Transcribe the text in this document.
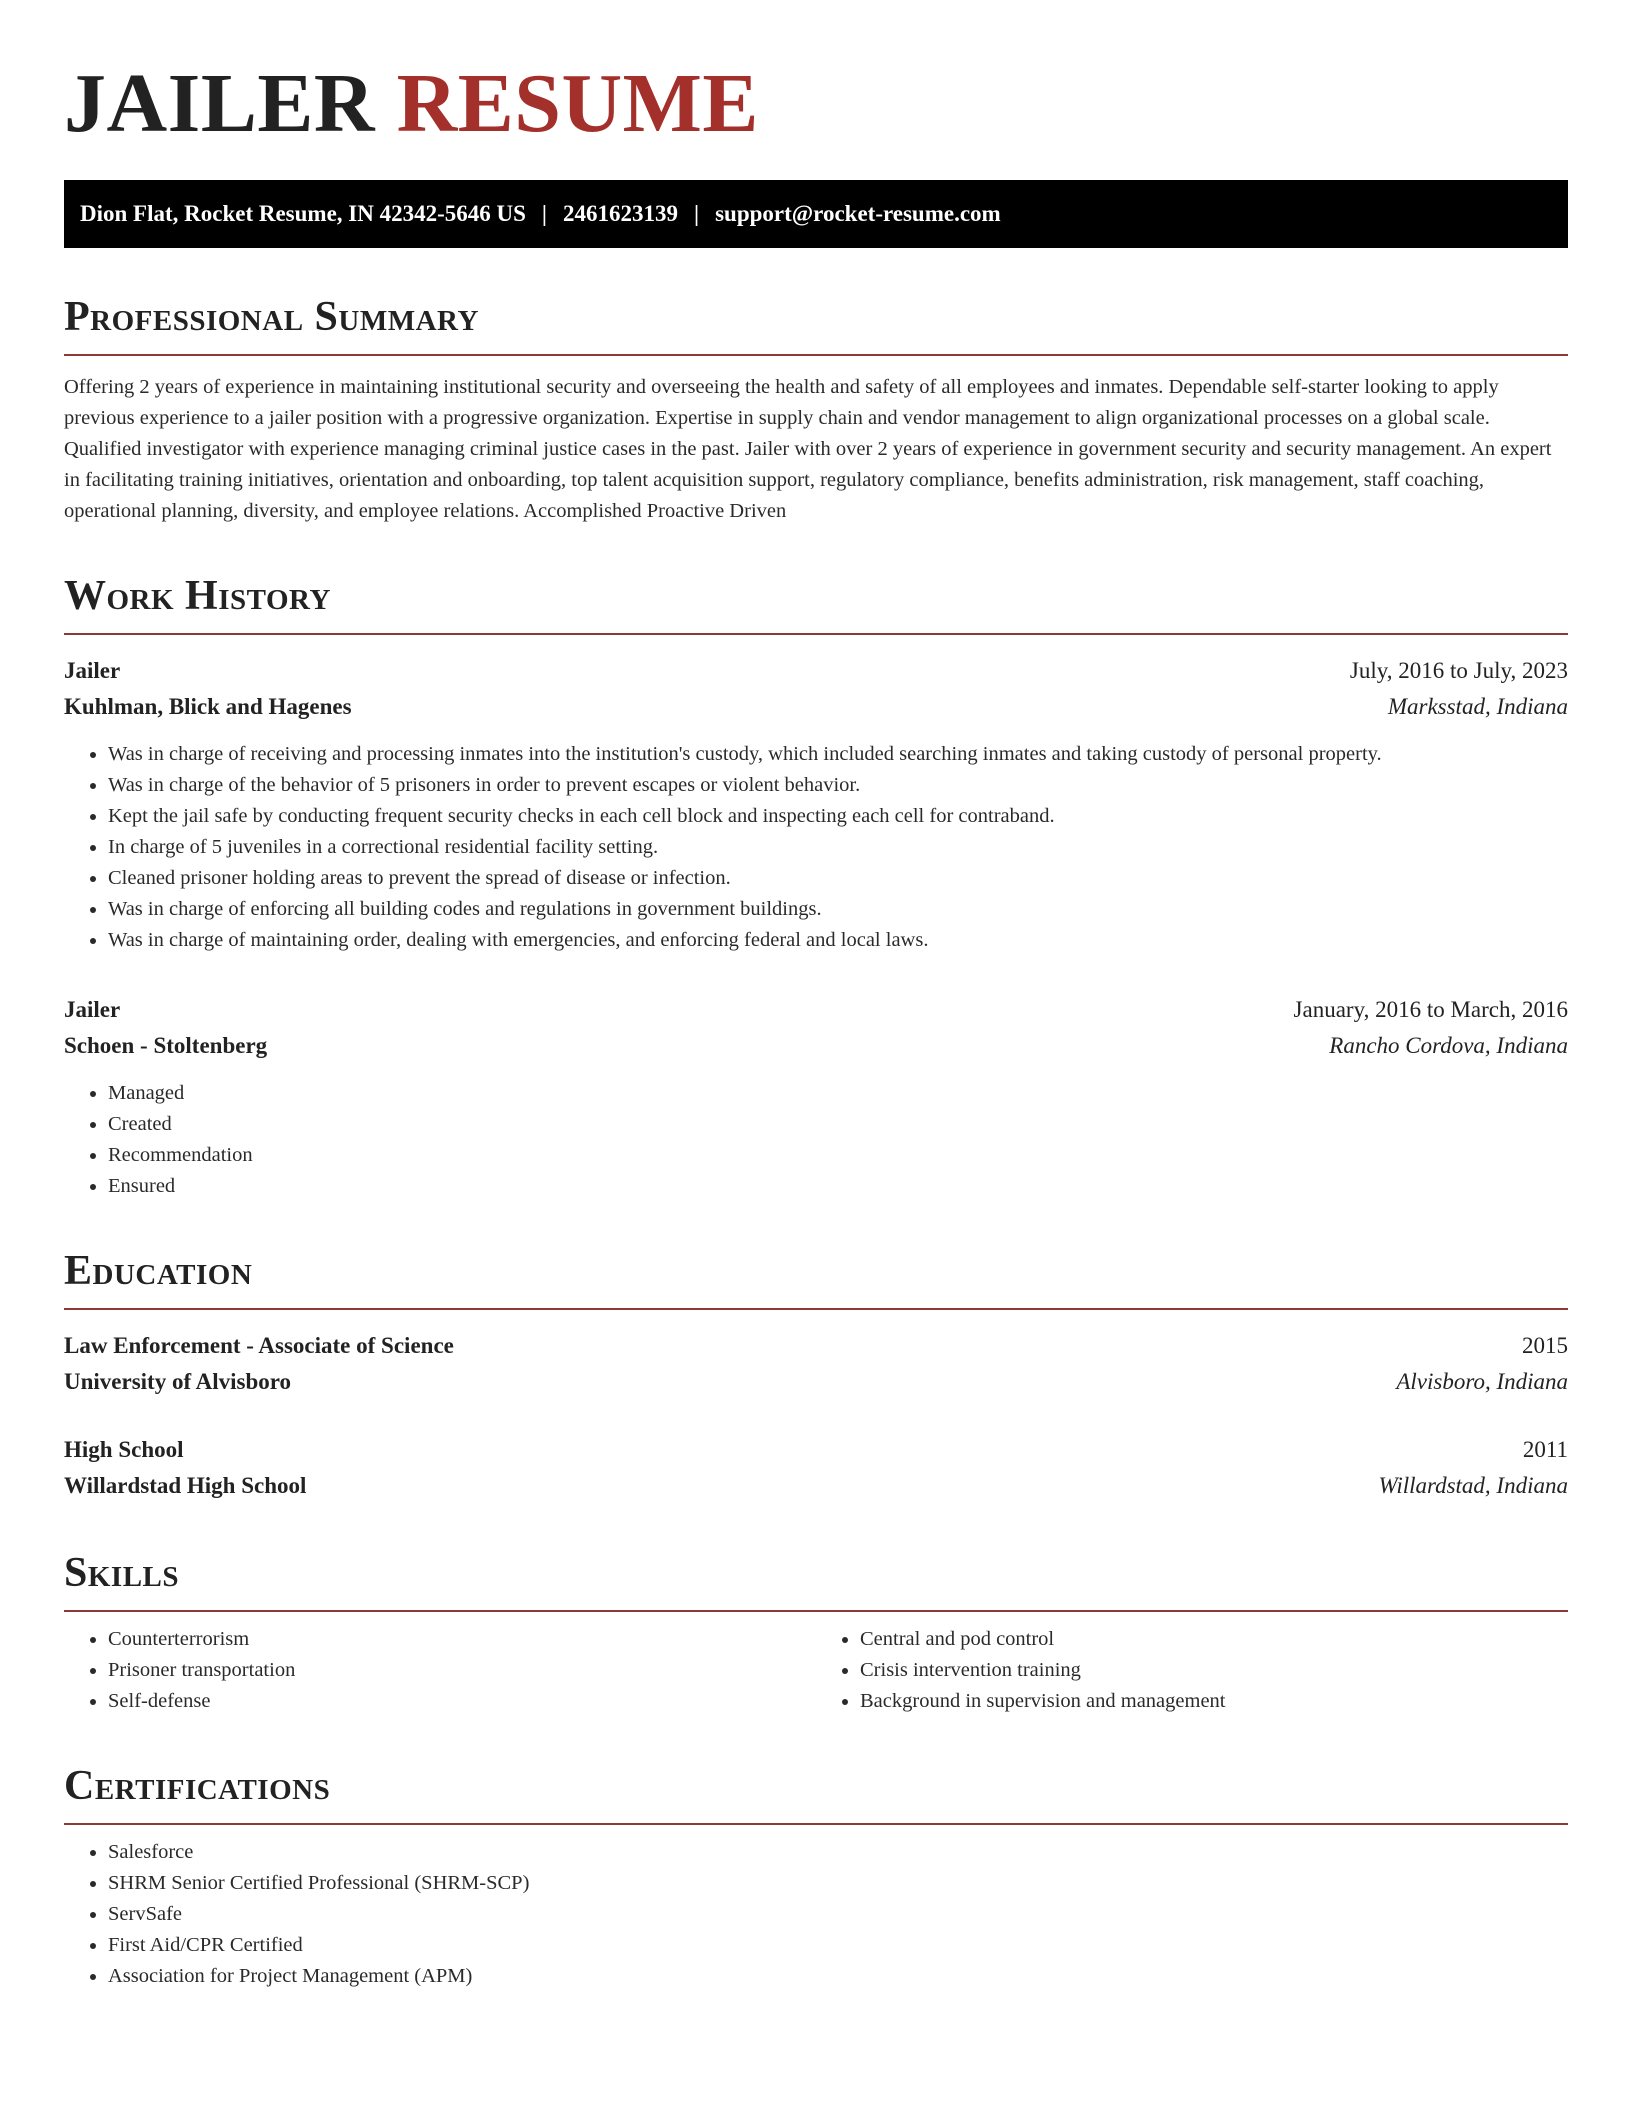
JAILER RESUME
Dion Flat, Rocket Resume, IN 42342-5646 US | 2461623139 | support@rocket-resume.com
Professional Summary

Offering 2 years of experience in maintaining institutional security and overseeing the health and safety of all employees and inmates. Dependable self-starter looking to apply previous experience to a jailer position with a progressive organization. Expertise in supply chain and vendor management to align organizational processes on a global scale. Qualified investigator with experience managing criminal justice cases in the past. Jailer with over 2 years of experience in government security and security management. An expert in facilitating training initiatives, orientation and onboarding, top talent acquisition support, regulatory compliance, benefits administration, risk management, staff coaching, operational planning, diversity, and employee relations. Accomplished Proactive Driven

Work History
Jailer	July, 2016 to July, 2023
Kuhlman, Blick and Hagenes	Marksstad, Indiana
• Was in charge of receiving and processing inmates into the institution's custody, which included searching inmates and taking custody of personal property.
• Was in charge of the behavior of 5 prisoners in order to prevent escapes or violent behavior.
• Kept the jail safe by conducting frequent security checks in each cell block and inspecting each cell for contraband.
• In charge of 5 juveniles in a correctional residential facility setting.
• Cleaned prisoner holding areas to prevent the spread of disease or infection.
• Was in charge of enforcing all building codes and regulations in government buildings.
• Was in charge of maintaining order, dealing with emergencies, and enforcing federal and local laws.
Jailer	January, 2016 to March, 2016
Schoen - Stoltenberg	Rancho Cordova, Indiana
• Managed
• Created
• Recommendation
• Ensured
Education
Law Enforcement - Associate of Science	2015
University of Alvisboro	Alvisboro, Indiana
High School	2011
Willardstad High School	Willardstad, Indiana
Skills
• Counterterrorism
• Prisoner transportation
• Self-defense
• Central and pod control
• Crisis intervention training
• Background in supervision and management
Certifications
• Salesforce
• SHRM Senior Certified Professional (SHRM-SCP)
• ServSafe
• First Aid/CPR Certified
• Association for Project Management (APM)
